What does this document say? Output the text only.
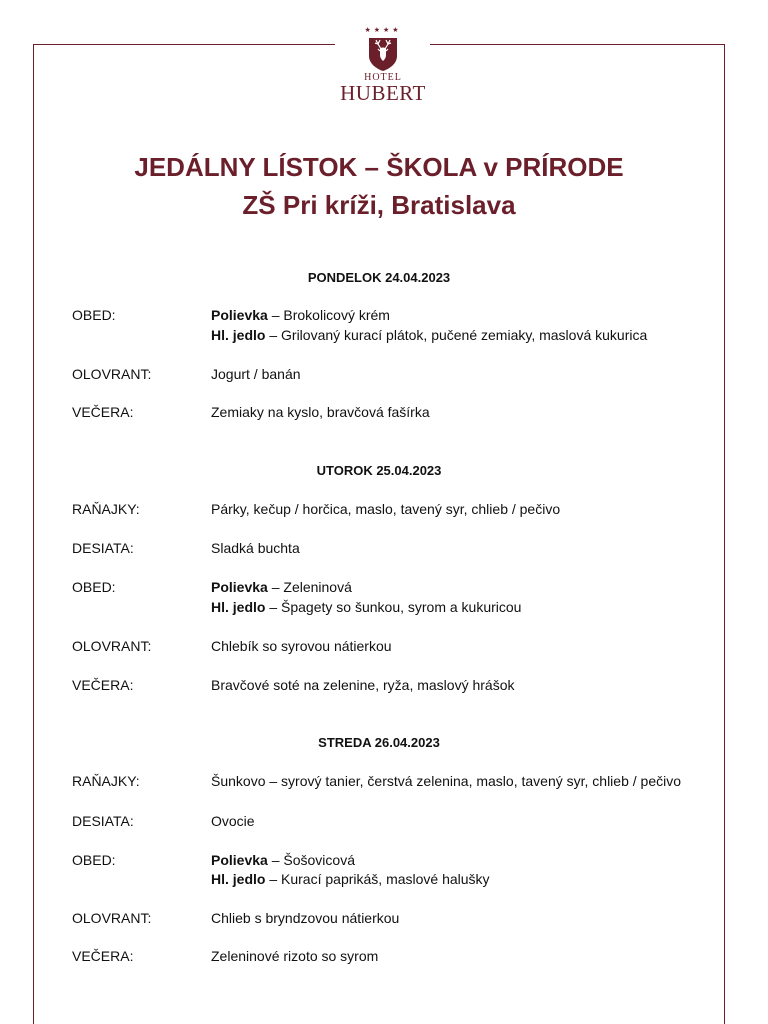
★★★★
HOTEL
HUBERT
JEDÁLNY LÍSTOK – ŠKOLA v PRÍRODE
ZŠ Pri kríži, Bratislava
PONDELOK 24.04.2023
OBED:	Polievka – Brokolicový krém
Hl. jedlo – Grilovaný kurací plátok, pučené zemiaky, maslová kukurica
OLOVRANT:	Jogurt / banán
VEČERA:	Zemiaky na kyslo, bravčová fašírka
UTOROK 25.04.2023
RAŇAJKY:	Párky, kečup / horčica, maslo, tavený syr, chlieb / pečivo
DESIATA:	Sladká buchta
OBED:	Polievka – Zeleninová
Hl. jedlo – Špagety so šunkou, syrom a kukuricou
OLOVRANT:	Chlebík so syrovou nátierkou
VEČERA:	Bravčové soté na zelenine, ryža, maslový hrášok
STREDA 26.04.2023
RAŇAJKY:	Šunkovo – syrový tanier, čerstvá zelenina, maslo, tavený syr, chlieb / pečivo
DESIATA:	Ovocie
OBED:	Polievka – Šošovicová
Hl. jedlo – Kurací paprikáš, maslové halušky
OLOVRANT:	Chlieb s bryndzovou nátierkou
VEČERA:	Zeleninové rizoto so syrom
